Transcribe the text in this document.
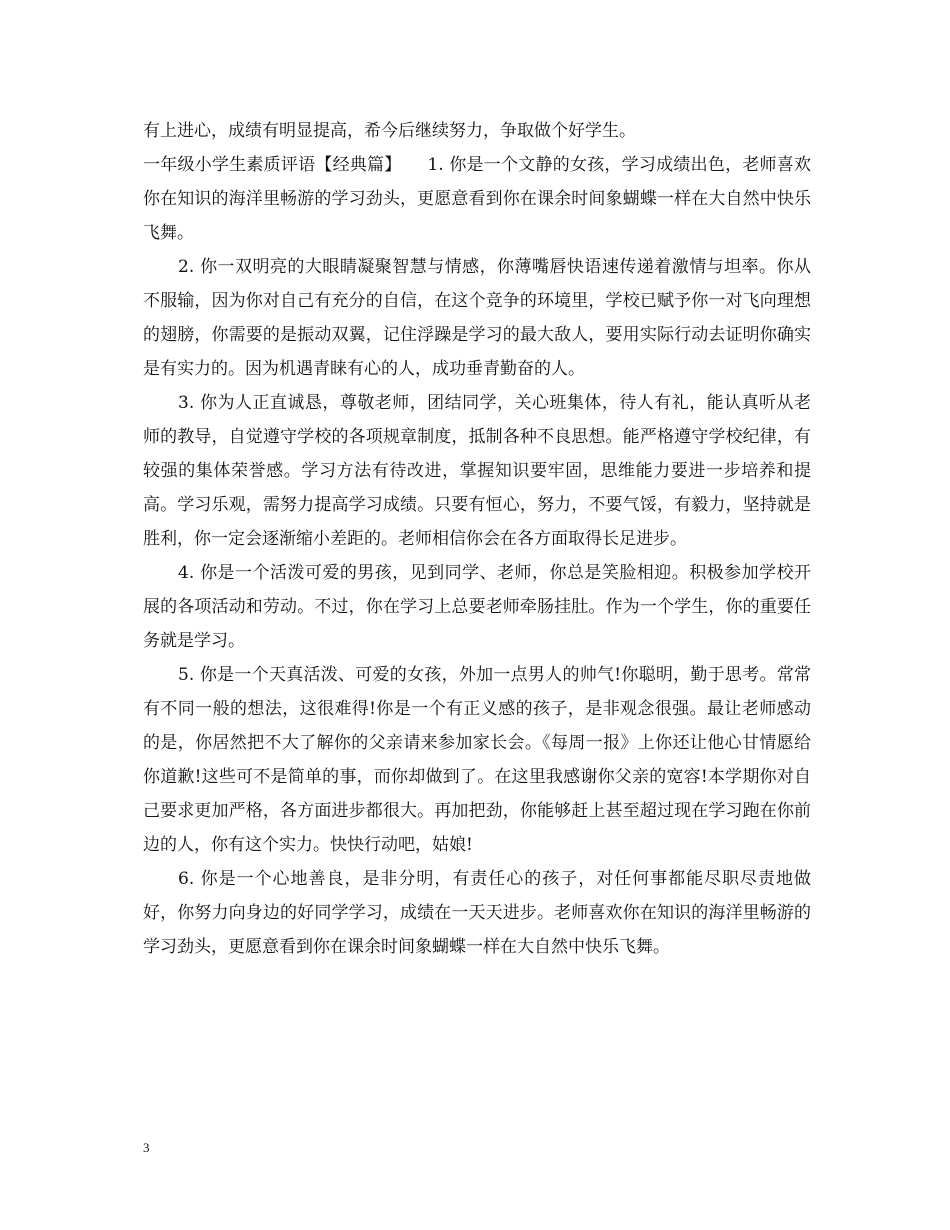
有上进心，成绩有明显提高，希今后继续努力，争取做个好学生。

一年级小学生素质评语【经典篇】　　1. 你是一个文静的女孩，学习成绩出色，老师喜欢你在知识的海洋里畅游的学习劲头，更愿意看到你在课余时间象蝴蝶一样在大自然中快乐飞舞。

2. 你一双明亮的大眼睛凝聚智慧与情感，你薄嘴唇快语速传递着激情与坦率。你从不服输，因为你对自己有充分的自信，在这个竞争的环境里，学校已赋予你一对飞向理想的翅膀，你需要的是振动双翼，记住浮躁是学习的最大敌人，要用实际行动去证明你确实是有实力的。因为机遇青睐有心的人，成功垂青勤奋的人。

3. 你为人正直诚恳，尊敬老师，团结同学，关心班集体，待人有礼，能认真听从老师的教导，自觉遵守学校的各项规章制度，抵制各种不良思想。能严格遵守学校纪律，有较强的集体荣誉感。学习方法有待改进，掌握知识要牢固，思维能力要进一步培养和提高。学习乐观，需努力提高学习成绩。只要有恒心，努力，不要气馁，有毅力，坚持就是胜利，你一定会逐渐缩小差距的。老师相信你会在各方面取得长足进步。

4. 你是一个活泼可爱的男孩，见到同学、老师，你总是笑脸相迎。积极参加学校开展的各项活动和劳动。不过，你在学习上总要老师牵肠挂肚。作为一个学生，你的重要任务就是学习。

5. 你是一个天真活泼、可爱的女孩，外加一点男人的帅气!你聪明，勤于思考。常常有不同一般的想法，这很难得!你是一个有正义感的孩子，是非观念很强。最让老师感动的是，你居然把不大了解你的父亲请来参加家长会。《每周一报》上你还让他心甘情愿给你道歉!这些可不是简单的事，而你却做到了。在这里我感谢你父亲的宽容!本学期你对自己要求更加严格，各方面进步都很大。再加把劲，你能够赶上甚至超过现在学习跑在你前边的人，你有这个实力。快快行动吧，姑娘!

6. 你是一个心地善良，是非分明，有责任心的孩子，对任何事都能尽职尽责地做好，你努力向身边的好同学学习，成绩在一天天进步。老师喜欢你在知识的海洋里畅游的学习劲头，更愿意看到你在课余时间象蝴蝶一样在大自然中快乐飞舞。

3
